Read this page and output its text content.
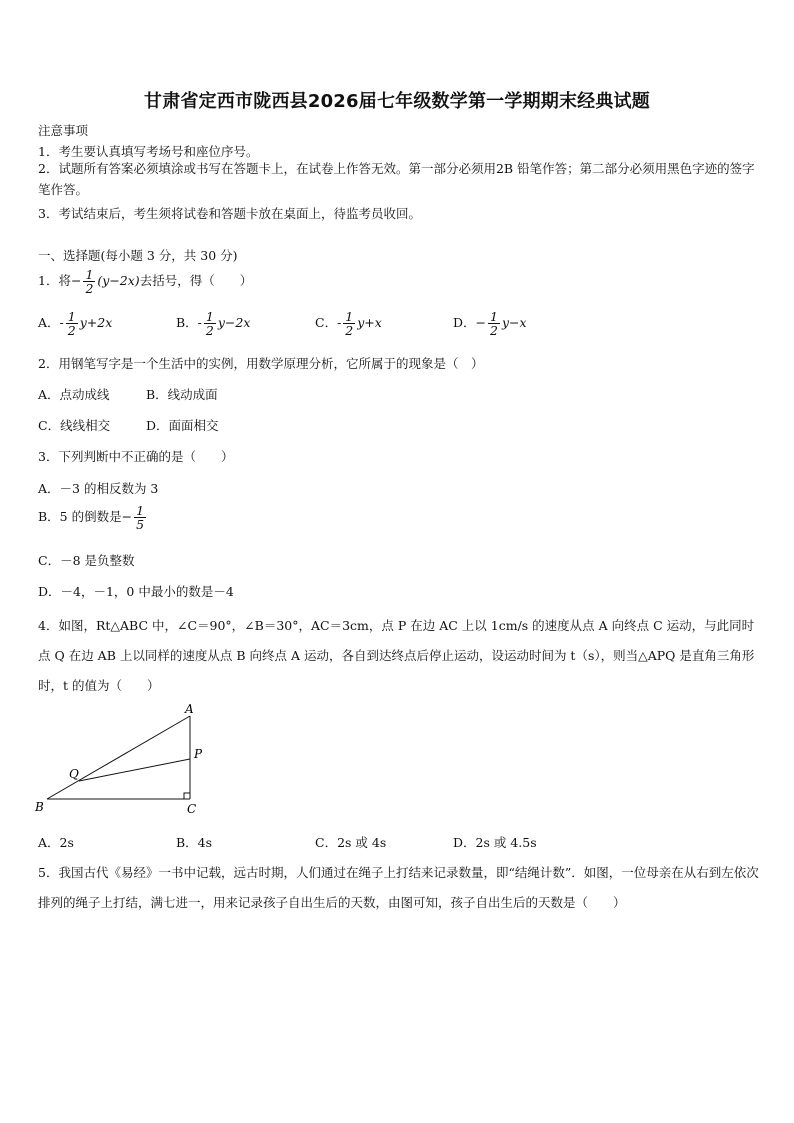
甘肃省定西市陇西县2026届七年级数学第一学期期末经典试题
注意事项
1．考生要认真填写考场号和座位序号。
2．试题所有答案必须填涂或书写在答题卡上，在试卷上作答无效。第一部分必须用2B 铅笔作答；第二部分必须用黑色字迹的签字笔作答。
3．考试结束后，考生须将试卷和答题卡放在桌面上，待监考员收回。
一、选择题(每小题 3 分，共 30 分)
1．将− $\frac{1}{2} (y-2x)$去括号，得（　　）
A．- $\frac{1}{2} y+2x$	B．- $\frac{1}{2} y-2x$	C．- $\frac{1}{2} y+x$	D．− $\frac{1}{2} y-x$
2．用钢笔写字是一个生活中的实例，用数学原理分析，它所属于的现象是（　）
A．点动成线	B．线动成面
C．线线相交	D．面面相交
3．下列判断中不正确的是（　　）
A．－3 的相反数为 3
B．5 的倒数是− $\frac{1}{5}$
C．－8 是负整数
D．－4，－1，0 中最小的数是－4
4．如图，Rt△ABC 中，∠C＝90°，∠B＝30°，AC＝3cm，点 P 在边 AC 上以 1cm/s 的速度从点 A 向终点 C 运动，与此同时点 Q 在边 AB 上以同样的速度从点 B 向终点 A 运动，各自到达终点后停止运动，设运动时间为 t（s），则当△APQ 是直角三角形时，t 的值为（　　）
A
B	C
P
Q
A．2s	B．4s	C．2s 或 4s	D．2s 或 4.5s
5．我国古代《易经》一书中记载，远古时期，人们通过在绳子上打结来记录数量，即“结绳计数”．如图，一位母亲在从右到左依次排列的绳子上打结，满七进一，用来记录孩子自出生后的天数，由图可知，孩子自出生后的天数是（　　）
